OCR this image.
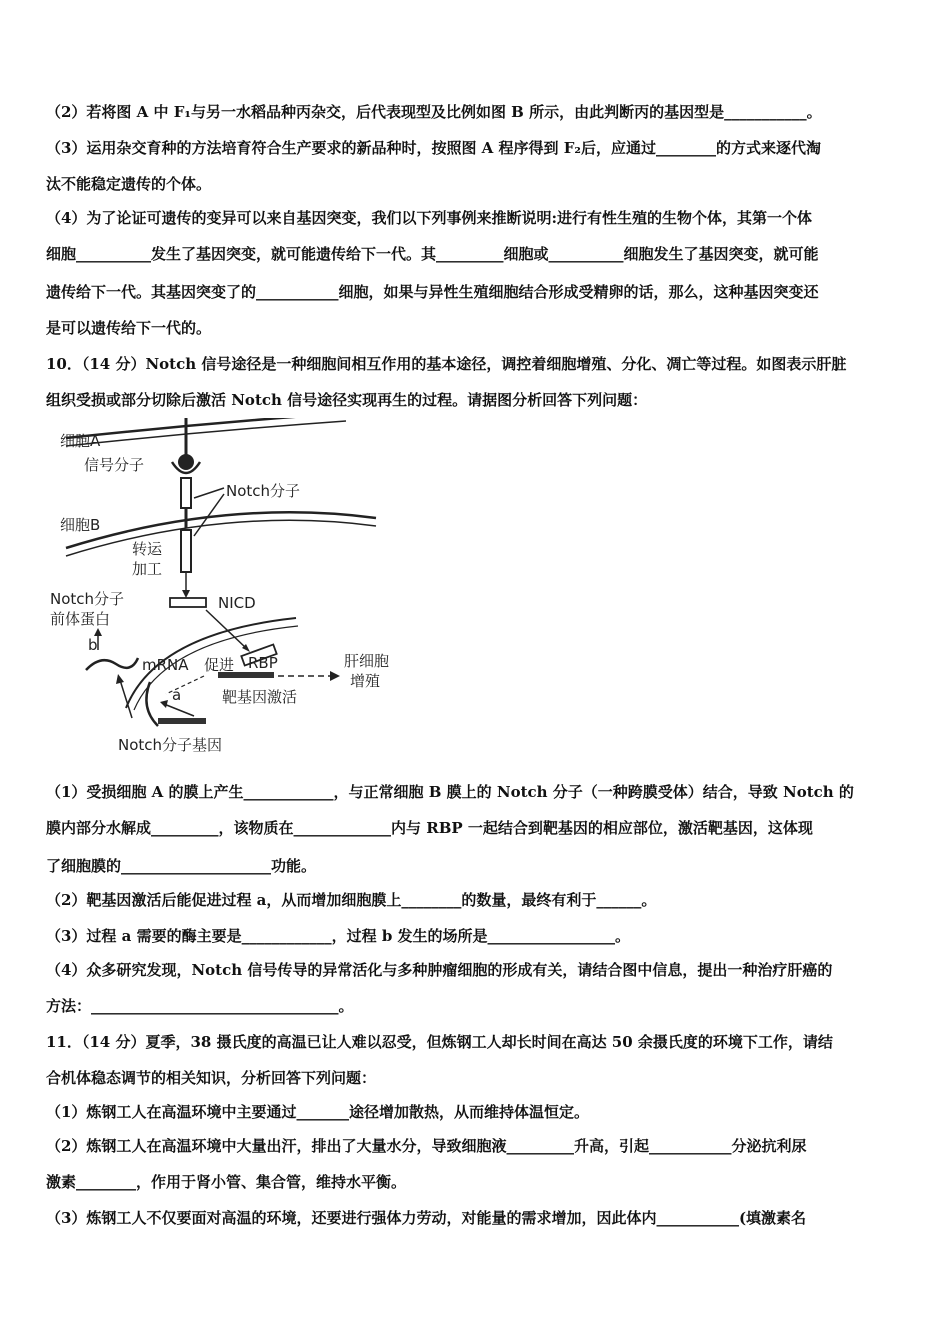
（2）若将图 A 中 F₁与另一水稻品种丙杂交，后代表现型及比例如图 B 所示，由此判断丙的基因型是___________。
（3）运用杂交育种的方法培育符合生产要求的新品种时，按照图 A 程序得到 F₂后，应通过________的方式来逐代淘
汰不能稳定遗传的个体。
（4）为了论证可遗传的变异可以来自基因突变，我们以下列事例来推断说明:进行有性生殖的生物个体，其第一个体
细胞__________发生了基因突变，就可能遗传给下一代。其_________细胞或__________细胞发生了基因突变，就可能
遗传给下一代。其基因突变了的___________细胞，如果与异性生殖细胞结合形成受精卵的话，那么，这种基因突变还
是可以遗传给下一代的。
10．（14 分）Notch 信号途径是一种细胞间相互作用的基本途径，调控着细胞增殖、分化、凋亡等过程。如图表示肝脏
组织受损或部分切除后激活 Notch 信号途径实现再生的过程。请据图分析回答下列问题：
细胞A
信号分子
Notch分子
细胞B
转运
加工
NICD
Notch分子
前体蛋白
b
mRNA	RBP
促进
靶基因激活
肝细胞
增殖
a
Notch分子基因
（1）受损细胞 A 的膜上产生____________，与正常细胞 B 膜上的 Notch 分子（一种跨膜受体）结合，导致 Notch 的
膜内部分水解成_________，该物质在_____________内与 RBP 一起结合到靶基因的相应部位，激活靶基因，这体现
了细胞膜的____________________功能。
（2）靶基因激活后能促进过程 a，从而增加细胞膜上________的数量，最终有利于______。
（3）过程 a 需要的酶主要是____________，过程 b 发生的场所是_________________。
（4）众多研究发现，Notch 信号传导的异常活化与多种肿瘤细胞的形成有关，请结合图中信息，提出一种治疗肝癌的
方法：_________________________________。
11．（14 分）夏季，38 摄氏度的高温已让人难以忍受，但炼钢工人却长时间在高达 50 余摄氏度的环境下工作，请结
合机体稳态调节的相关知识，分析回答下列问题：
（1）炼钢工人在高温环境中主要通过_______途径增加散热，从而维持体温恒定。
（2）炼钢工人在高温环境中大量出汗，排出了大量水分，导致细胞液_________升高，引起___________分泌抗利尿
激素________，作用于肾小管、集合管，维持水平衡。
（3）炼钢工人不仅要面对高温的环境，还要进行强体力劳动，对能量的需求增加，因此体内___________(填激素名
